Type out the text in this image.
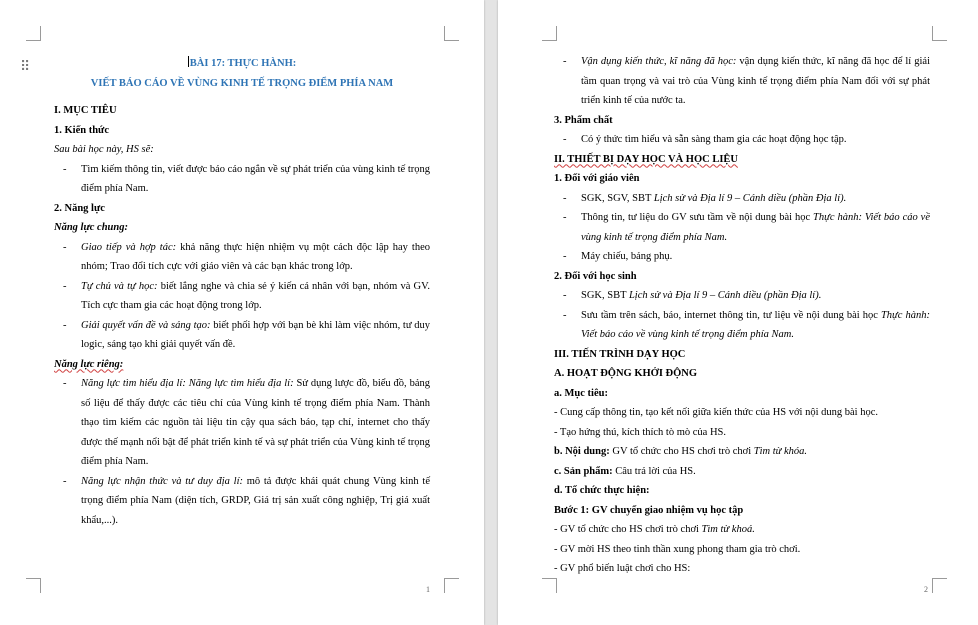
⠿
1
BÀI 17: THỰC HÀNH:
VIẾT BÁO CÁO VỀ VÙNG KINH TẾ TRỌNG ĐIỂM PHÍA NAM
I. MỤC TIÊU
1. Kiến thức
Sau bài học này, HS sẽ:
- Tìm kiếm thông tin, viết được báo cáo ngắn về sự phát triển của vùng kinh tế trọng điểm phía Nam.
2. Năng lực
Năng lực chung:
- Giao tiếp và hợp tác: khả năng thực hiện nhiệm vụ một cách độc lập hay theo nhóm; Trao đổi tích cực với giáo viên và các bạn khác trong lớp.
- Tự chủ và tự học: biết lắng nghe và chia sẻ ý kiến cá nhân với bạn, nhóm và GV. Tích cực tham gia các hoạt động trong lớp.
- Giải quyết vấn đề và sáng tạo: biết phối hợp với bạn bè khi làm việc nhóm, tư duy logic, sáng tạo khi giải quyết vấn đề.
Năng lực riêng:
- Năng lực tìm hiểu địa lí: Năng lực tìm hiểu địa lí: Sử dụng lược đồ, biểu đồ, bảng số liệu để thấy được các tiêu chí của Vùng kinh tế trọng điểm phía Nam. Thành thạo tìm kiếm các nguồn tài liệu tin cậy qua sách báo, tạp chí, internet cho thấy được thế mạnh nổi bật để phát triển kinh tế và sự phát triển của Vùng kinh tế trọng điểm phía Nam.
- Năng lực nhận thức và tư duy địa lí: mô tả được khái quát chung Vùng kinh tế trọng điểm phía Nam (diện tích, GRDP, Giá trị sản xuất công nghiệp, Trị giá xuất khẩu,...).
2
- Vận dụng kiến thức, kĩ năng đã học: vận dụng kiến thức, kĩ năng đã học để lí giải tầm quan trọng và vai trò của Vùng kinh tế trọng điểm phía Nam đối với sự phát triển kinh tế của nước ta.
3. Phẩm chất
- Có ý thức tìm hiểu và sẵn sàng tham gia các hoạt động học tập.
II. THIẾT BỊ DẠY HỌC VÀ HỌC LIỆU
1. Đối với giáo viên
- SGK, SGV, SBT Lịch sử và Địa lí 9 – Cánh diều (phần Địa lí).
- Thông tin, tư liệu do GV sưu tầm về nội dung bài học Thực hành: Viết báo cáo về vùng kinh tế trọng điểm phía Nam.
- Máy chiếu, bảng phụ.
2. Đối với học sinh
- SGK, SBT Lịch sử và Địa lí 9 – Cánh diều (phần Địa lí).
- Sưu tầm trên sách, báo, internet thông tin, tư liệu về nội dung bài học Thực hành: Viết báo cáo về vùng kinh tế trọng điểm phía Nam.
III. TIẾN TRÌNH DẠY HỌC
A. HOẠT ĐỘNG KHỞI ĐỘNG
a. Mục tiêu:
- Cung cấp thông tin, tạo kết nối giữa kiến thức của HS với nội dung bài học.
- Tạo hứng thú, kích thích tò mò của HS.
b. Nội dung: GV tổ chức cho HS chơi trò chơi Tìm từ khóa.
c. Sản phẩm: Câu trả lời của HS.
d. Tổ chức thực hiện:
Bước 1: GV chuyển giao nhiệm vụ học tập
- GV tổ chức cho HS chơi trò chơi Tìm từ khoá.
- GV mời HS theo tinh thần xung phong tham gia trò chơi.
- GV phổ biến luật chơi cho HS:
